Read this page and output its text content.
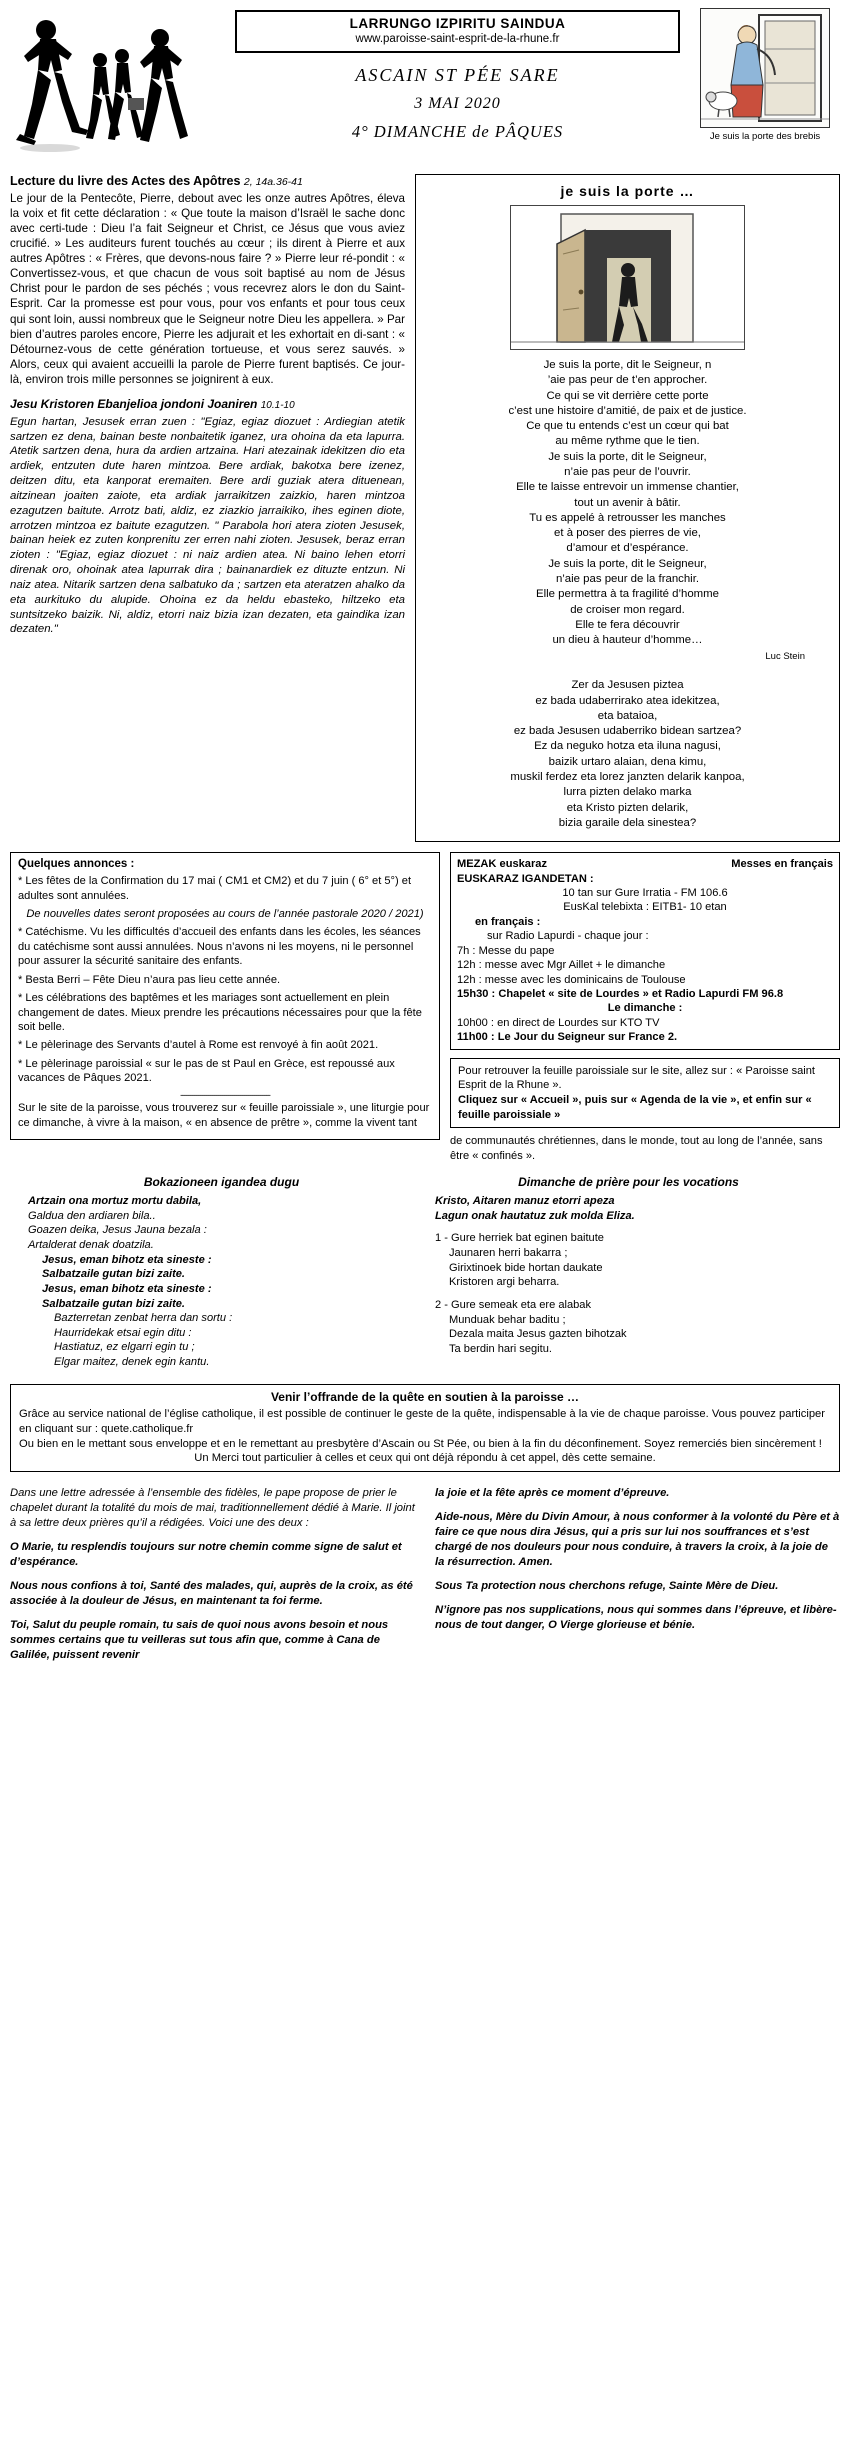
LARRUNGO IZPIRITU SAINDUA
www.paroisse-saint-esprit-de-la-rhune.fr
ASCAIN ST PÉE SARE
3 MAI 2020
4° DIMANCHE de PÂQUES	Je suis la porte des brebis
Lecture du livre des Actes des Apôtres 2, 14a.36-41
Le jour de la Pentecôte, Pierre, debout avec les onze autres Apôtres, éleva la voix et fit cette déclaration : « Que toute la maison d’Israël le sache donc avec certi-tude : Dieu l’a fait Seigneur et Christ, ce Jésus que vous aviez crucifié. » Les auditeurs furent touchés au cœur ; ils dirent à Pierre et aux autres Apôtres : « Frères, que devons-nous faire ? » Pierre leur ré-pondit : « Convertissez-vous, et que chacun de vous soit baptisé au nom de Jésus Christ pour le pardon de ses péchés ; vous recevrez alors le don du Saint-Esprit. Car la promesse est pour vous, pour vos enfants et pour tous ceux qui sont loin, aussi nombreux que le Seigneur notre Dieu les appellera. » Par bien d’autres paroles encore, Pierre les adjurait et les exhortait en di-sant : « Détournez-vous de cette génération tortueuse, et vous serez sauvés. » Alors, ceux qui avaient accueilli la parole de Pierre furent baptisés. Ce jour-là, environ trois mille personnes se joignirent à eux.
Jesu Kristoren Ebanjelioa jondoni Joaniren 10.1-10
Egun hartan, Jesusek erran zuen : "Egiaz, egiaz diozuet : Ardiegian atetik sartzen ez dena, bainan beste nonbaitetik iganez, ura ohoina da eta lapurra. Atetik sartzen dena, hura da ardien artzaina. Hari atezainak idekitzen dio eta ardiek, entzuten dute haren mintzoa. Bere ardiak, bakotxa bere izenez, deitzen ditu, eta kanporat eremaiten. Bere ardi guziak atera dituenean, aitzinean joaiten zaiote, eta ardiak jarraikitzen zaizkio, haren mintzoa ezagutzen baitute. Arrotz bati, aldiz, ez ziazkio jarraikiko, ihes eginen diote, arrotzen mintzoa ez baitute ezagutzen. " Parabola hori atera zioten Jesusek, bainan heiek ez zuten konprenitu zer erren nahi zioten. Jesusek, beraz erran zioten : "Egiaz, egiaz diozuet : ni naiz ardien atea. Ni baino lehen etorri direnak oro, ohoinak atea lapurrak dira ; bainanardiek ez dituzte entzun. Ni naiz atea. Nitarik sartzen dena salbatuko da ; sartzen eta ateratzen ahalko da eta aurkituko du alupide. Ohoina ez da heldu ebasteko, hiltzeko eta suntsitzeko baizik. Ni, aldiz, etorri naiz bizia izan dezaten, eta gaindika izan dezaten."
je suis la porte …
Je suis la porte, dit le Seigneur, n
’aie pas peur de t’en approcher.
Ce qui se vit derrière cette porte
c’est une histoire d’amitié, de paix et de justice.
Ce que tu entends c’est un cœur qui bat
au même rythme que le tien.
Je suis la porte, dit le Seigneur,
n’aie pas peur de l’ouvrir.
Elle te laisse entrevoir un immense chantier,
tout un avenir à bâtir.
Tu es appelé à retrousser les manches
et à poser des pierres de vie,
d’amour et d’espérance.
Je suis la porte, dit le Seigneur,
n’aie pas peur de la franchir.
Elle permettra à ta fragilité d’homme
de croiser mon regard.
Elle te fera découvrir
un dieu à hauteur d’homme…
Luc Stein
Zer da Jesusen piztea
ez bada udaberrirako atea idekitzea,
eta bataioa,
ez bada Jesusen udaberriko bidean sartzea?
Ez da neguko hotza eta iluna nagusi,
baizik urtaro alaian, dena kimu,
muskil ferdez eta lorez janzten delarik kanpoa,
lurra pizten delako marka
eta Kristo pizten delarik,
bizia garaile dela sinestea?
Quelques annonces :

* Les fêtes de la Confirmation du 17 mai ( CM1 et CM2) et du 7 juin ( 6° et 5°) et adultes sont annulées.

De nouvelles dates seront proposées au cours de l’année pastorale 2020 / 2021)

* Catéchisme. Vu les difficultés d’accueil des enfants dans les écoles, les séances du catéchisme sont aussi annulées. Nous n’avons ni les moyens, ni le personnel pour assurer la sécurité sanitaire des enfants.

* Besta Berri – Fête Dieu n’aura pas lieu cette année.

* Les célébrations des baptêmes et les mariages sont actuellement en plein changement de dates. Mieux prendre les précautions nécessaires pour que la fête soit belle.

* Le pèlerinage des Servants d’autel à Rome est renvoyé à fin août 2021.

* Le pèlerinage paroissial « sur le pas de st Paul en Grèce, est repoussé aux vacances de Pâques 2021.

---------------------------------------------

Sur le site de la paroisse, vous trouverez sur « feuille paroissiale », une liturgie pour ce dimanche, à vivre à la maison, « en absence de prêtre », comme la vivent tant

MEZAK euskaraz	Messes en français
EUSKARAZ IGANDETAN :
10 tan sur Gure Irratia - FM 106.6
EusKal telebixta : EITB1- 10 etan
en français :
sur Radio Lapurdi - chaque jour :
7h : Messe du pape
12h : messe avec Mgr Aillet + le dimanche
12h : messe avec les dominicains de Toulouse
15h30 : Chapelet « site de Lourdes » et Radio Lapurdi FM 96.8
Le dimanche :
10h00 : en direct de Lourdes sur KTO TV
11h00 : Le Jour du Seigneur sur France 2.
Pour retrouver la feuille paroissiale sur le site, allez sur : « Paroisse saint Esprit de la Rhune ».
Cliquez sur « Accueil », puis sur « Agenda de la vie », et enfin sur « feuille paroissiale »
de communautés chrétiennes, dans le monde, tout au long de l’année, sans être « confinés ».
Bokazioneen igandea dugu
Artzain ona mortuz mortu dabila,
Galdua den ardiaren bila..
Goazen deika, Jesus Jauna bezala :
Artalderat denak doatzila.
Jesus, eman bihotz eta sineste :
Salbatzaile gutan bizi zaite.
Jesus, eman bihotz eta sineste :
Salbatzaile gutan bizi zaite.
Bazterretan zenbat herra dan sortu :
Haurridekak etsai egin ditu :
Hastiatuz, ez elgarri egin tu ;
Elgar maitez, denek egin kantu.
Dimanche de prière pour les vocations
Kristo, Aitaren manuz etorri apeza
Lagun onak hautatuz zuk molda Eliza.
1 - Gure herriek bat eginen baitute
Jaunaren herri bakarra ;
Girixtinoek bide hortan daukate
Kristoren argi beharra.
2 - Gure semeak eta ere alabak
Munduak behar baditu ;
Dezala maita Jesus gazten bihotzak
Ta berdin hari segitu.
Venir l’offrande de la quête en soutien à la paroisse …
Grâce au service national de l’église catholique, il est possible de continuer le geste de la quête, indispensable à la vie de chaque paroisse. Vous pouvez participer en cliquant sur : quete.catholique.fr
Ou bien en le mettant sous enveloppe et en le remettant au presbytère d’Ascain ou St Pée, ou bien à la fin du déconfinement. Soyez remerciés bien sincèrement !
Un Merci tout particulier à celles et ceux qui ont déjà répondu à cet appel, dès cette semaine.

Dans une lettre adressée à l’ensemble des fidèles, le pape propose de prier le chapelet durant la totalité du mois de mai, traditionnellement dédié à Marie. Il joint à sa lettre deux prières qu’il a rédigées. Voici une des deux :

O Marie, tu resplendis toujours sur notre chemin comme signe de salut et d’espérance.

Nous nous confions à toi, Santé des malades, qui, auprès de la croix, as été associée à la douleur de Jésus, en maintenant ta foi ferme.

Toi, Salut du peuple romain, tu sais de quoi nous avons besoin et nous sommes certains que tu veilleras sut tous afin que, comme à Cana de Galilée, puissent revenir

la joie et la fête après ce moment d’épreuve.

Aide-nous, Mère du Divin Amour, à nous conformer à la volonté du Père et à faire ce que nous dira Jésus, qui a pris sur lui nos souffrances et s’est chargé de nos douleurs pour nous conduire, à travers la croix, à la joie de la résurrection. Amen.

Sous Ta protection nous cherchons refuge, Sainte Mère de Dieu.

N’ignore pas nos supplications, nous qui sommes dans l’épreuve, et libère-nous de tout danger, O Vierge glorieuse et bénie.
